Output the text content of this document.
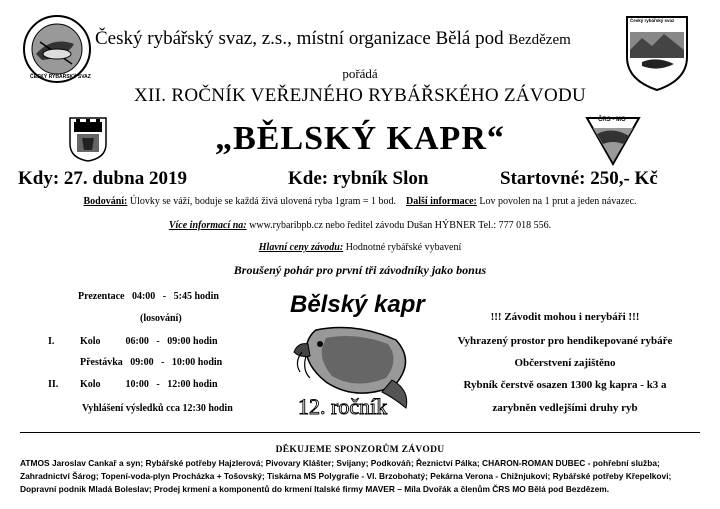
ČESKÝ RYBÁŘSKÝ SVAZ
Český rybářský svaz
Český rybářský svaz, z.s., místní organizace Bělá pod Bezdězem
pořádá
XII. ROČNÍK VEŘEJNÉHO RYBÁŘSKÉHO ZÁVODU
„BĚLSKÝ KAPR“	ČRS - MO
Kdy: 27. dubna 2019	Kde: rybník Slon	Startovné: 250,- Kč
Bodování: Úlovky se váží, boduje se každá živá ulovená ryba 1gram = 1 bod. Další informace: Lov povolen na 1 prut a jeden návazec.
Více informací na: www.rybaribpb.cz nebo ředitel závodu Dušan HÝBNER Tel.: 777 018 556.
Hlavní ceny závodu: Hodnotné rybářské vybavení
Broušený pohár pro první tři závodníky jako bonus
Prezentace   04:00   -   5:45 hodin
(losování)
I.	Kolo          06:00   -   09:00 hodin
Přestávka   09:00   -   10:00 hodin
II. Kolo          10:00   -   12:00 hodin
Vyhlášení výsledků cca 12:30 hodin
Bělský kapr
12. ročník
!!! Závodit mohou i nerybáři !!!
Vyhrazený prostor pro hendikepované rybáře
Občerstvení zajištěno
Rybník čerstvě osazen 1300 kg kapra - k3 a
zarybněn vedlejšími druhy ryb
DĚKUJEME SPONZORŮM ZÁVODU
ATMOS Jaroslav Cankař a syn; Rybářské potřeby Hajzlerová; Pivovary Klášter; Svijany; Podkováň; Řeznictví Pálka; CHARON-ROMAN DUBEC - pohřební služba; Zahradnictví Šárog; Topení-voda-plyn Procházka + Tošovský; Tiskárna MS Polygrafie - Vl. Brzobohatý; Pekárna Verona - Chižnjukovi; Rybářské potřeby Křepelkovi; Dopravní podnik Mladá Boleslav; Prodej krmení a komponentů do krmení Italské firmy MAVER – Míla Dvořák a členům ČRS MO Bělá pod Bezdězem.
